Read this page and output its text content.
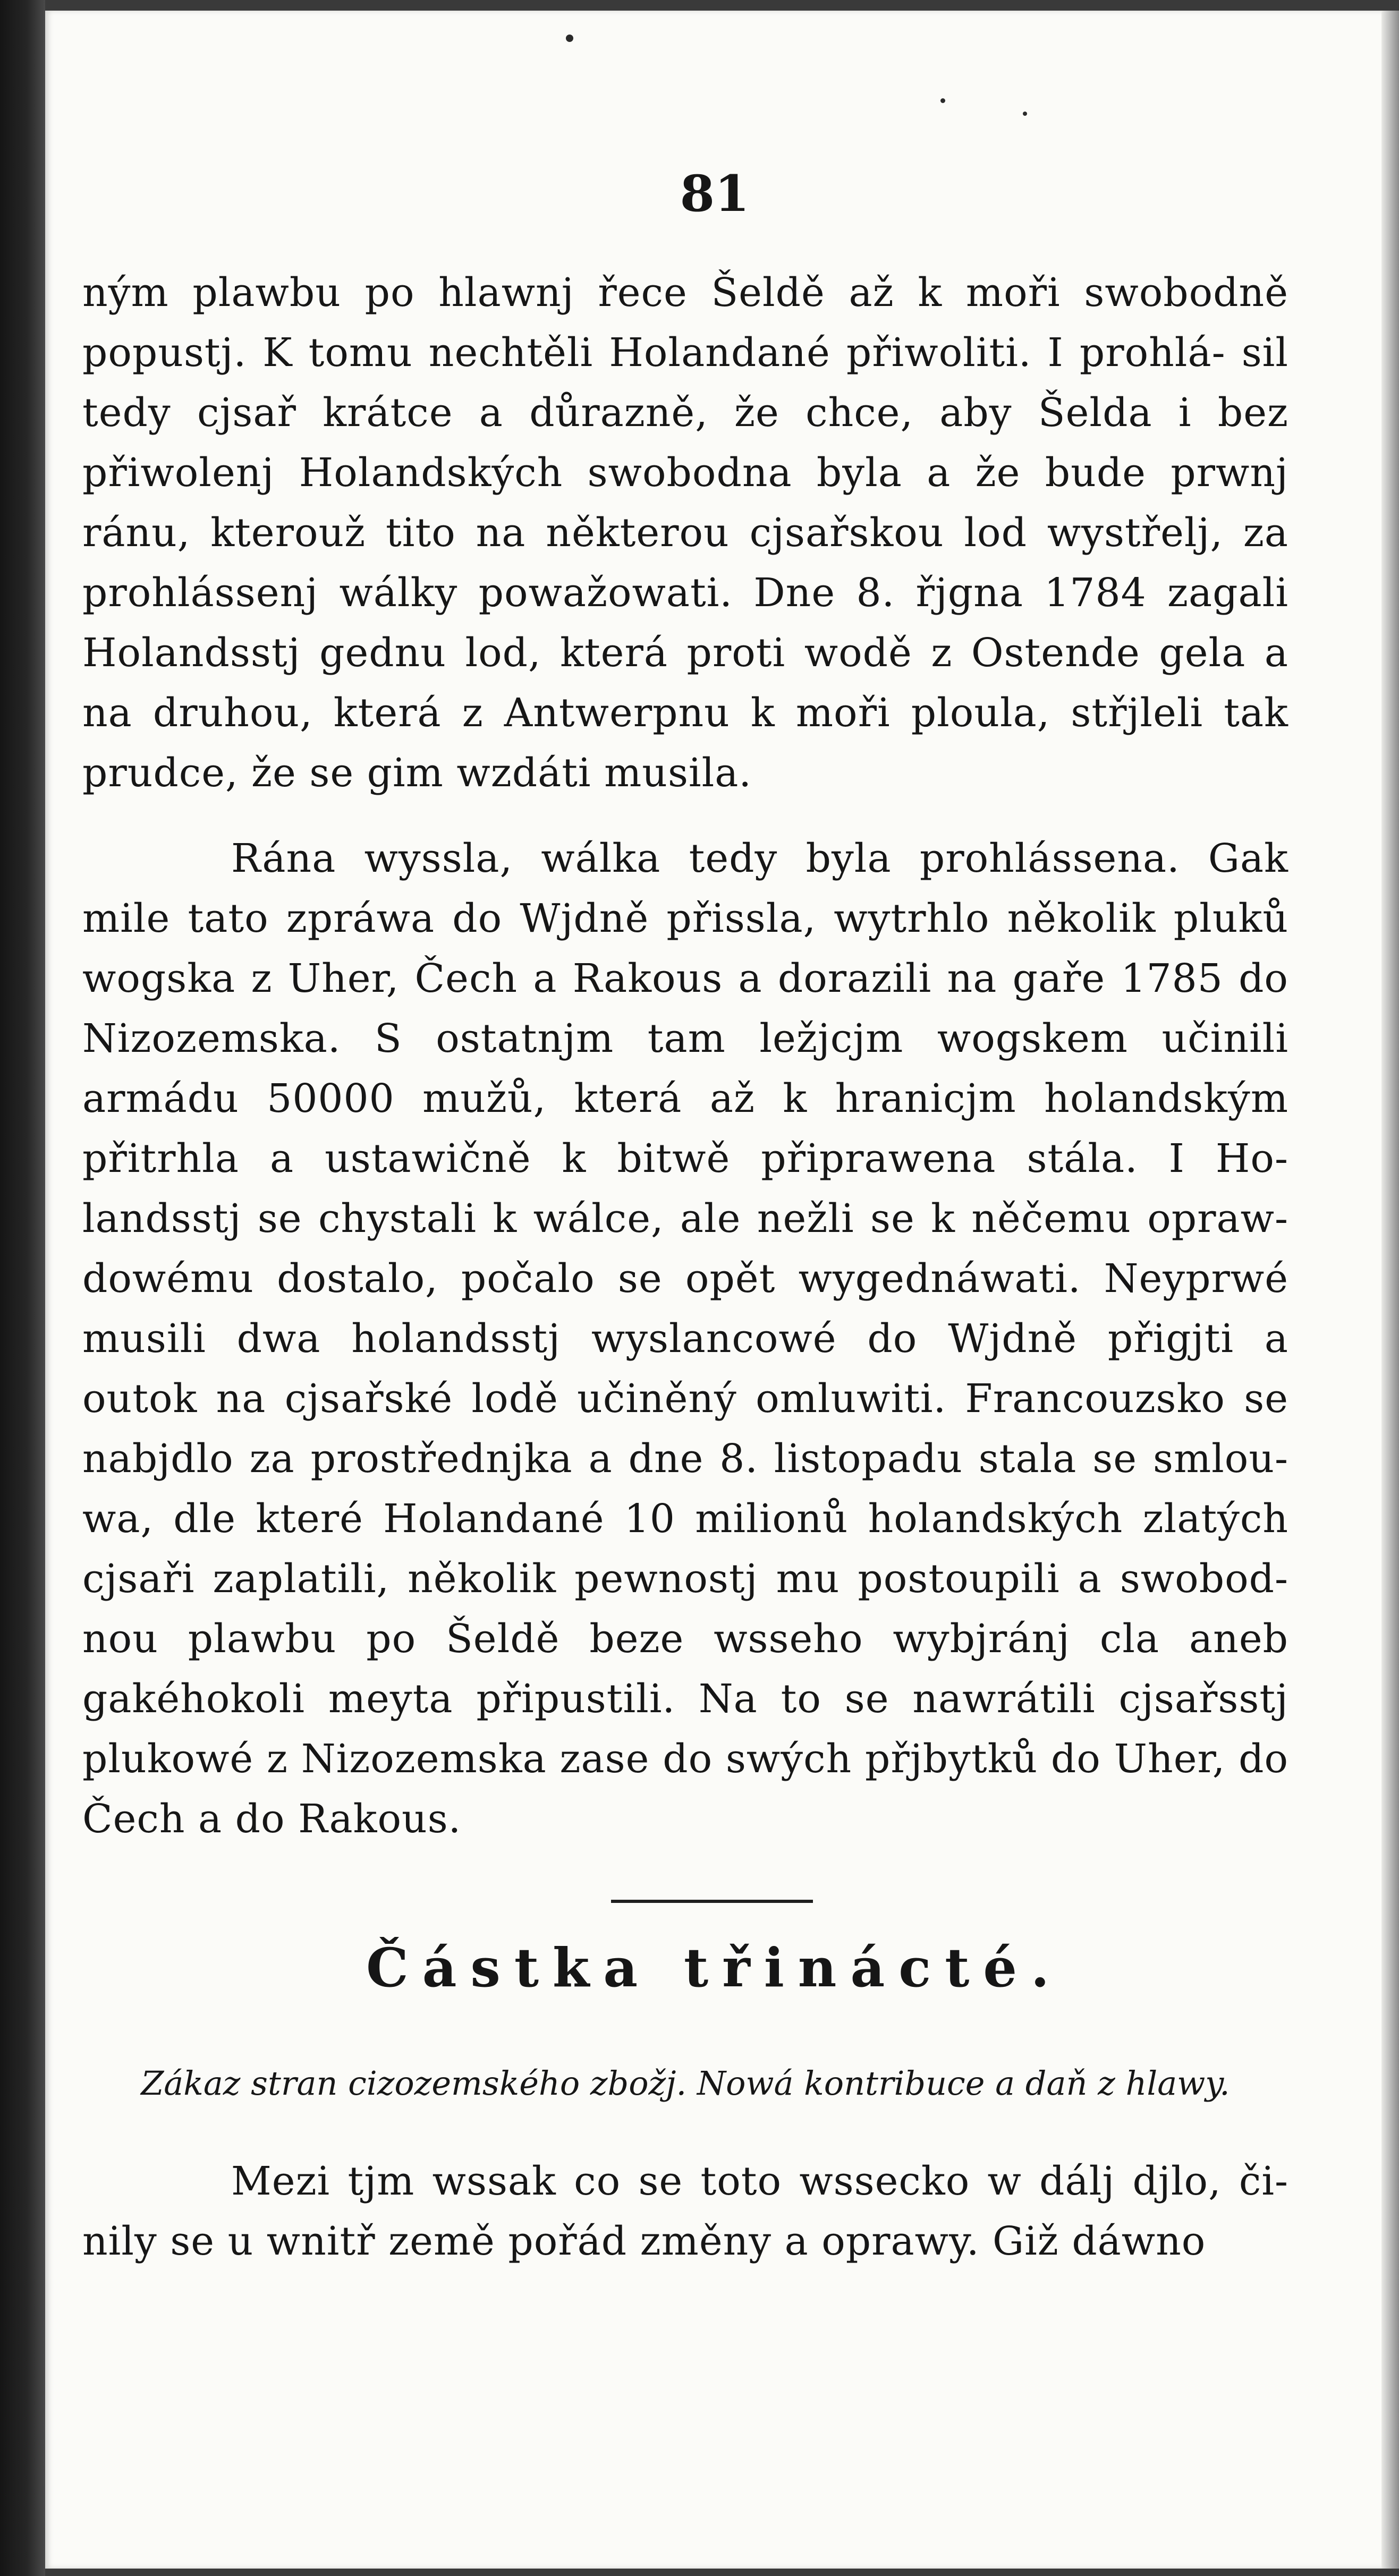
81

ným plawbu po hlawnj řece Šeldě až k moři swobodně popustj. K tomu nechtěli Holandané přiwoliti. I prohlá- sil tedy cjsař krátce a důrazně, že chce, aby Šelda i bez přiwolenj Holandských swobodna byla a že bude prwnj ránu, kterouž tito na některou cjsařskou lod wystřelj, za prohlássenj wálky powažowati. Dne 8. řjgna 1784 zagali Holandsstj gednu lod, která proti wodě z Ostende gela a na druhou, která z Antwerpnu k moři ploula, střjleli tak prudce, že se gim wzdáti musila.

Rána wyssla, wálka tedy byla prohlássena. Gak mile tato zpráwa do Wjdně přissla, wytrhlo několik pluků wogska z Uher, Čech a Rakous a dorazili na gaře 1785 do Nizozemska. S ostatnjm tam ležjcjm wogskem učinili armádu 50000 mužů, která až k hranicjm holandským přitrhla a ustawičně k bitwě připrawena stála. I Ho- landsstj se chystali k wálce, ale nežli se k něčemu opraw- dowému dostalo, počalo se opět wygednáwati. Neyprwé musili dwa holandsstj wyslancowé do Wjdně přigjti a outok na cjsařské lodě učiněný omluwiti. Francouzsko se nabjdlo za prostřednjka a dne 8. listopadu stala se smlou- wa, dle které Holandané 10 milionů holandských zlatých cjsaři zaplatili, několik pewnostj mu postoupili a swobod- nou plawbu po Šeldě beze wsseho wybjránj cla aneb gakéhokoli meyta připustili. Na to se nawrátili cjsařsstj plukowé z Nizozemska zase do swých přjbytků do Uher, do Čech a do Rakous.

Částka třinácté.
Zákaz stran cizozemského zbožj. Nowá kontribuce a daň z hlawy.

Mezi tjm wssak co se toto wssecko w dálj djlo, či- nily se u wnitř země pořád změny a oprawy. Giž dáwno
